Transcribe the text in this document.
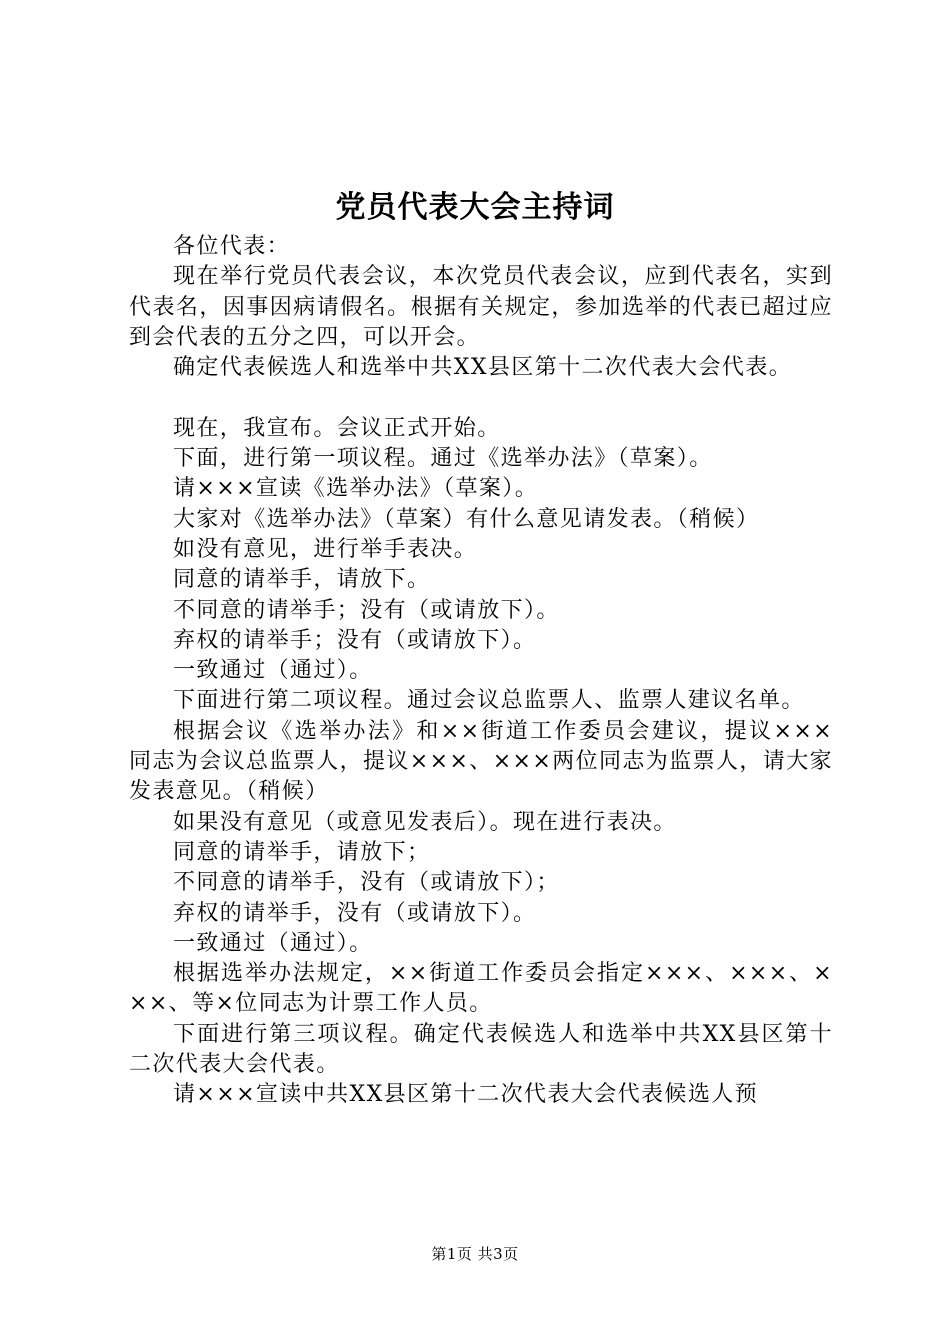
党员代表大会主持词

各位代表：

现在举行党员代表会议，本次党员代表会议，应到代表名，实到代表名，因事因病请假名。根据有关规定，参加选举的代表已超过应到会代表的五分之四，可以开会。

确定代表候选人和选举中共XX县区第十二次代表大会代表。

现在，我宣布。会议正式开始。

下面，进行第一项议程。通过《选举办法》（草案）。

请×××宣读《选举办法》（草案）。

大家对《选举办法》（草案）有什么意见请发表。（稍候）

如没有意见，进行举手表决。

同意的请举手，请放下。

不同意的请举手；没有（或请放下）。

弃权的请举手；没有（或请放下）。

一致通过（通过）。

下面进行第二项议程。通过会议总监票人、监票人建议名单。

根据会议《选举办法》和××街道工作委员会建议，提议×××同志为会议总监票人，提议×××、×××两位同志为监票人，请大家发表意见。（稍候）

如果没有意见（或意见发表后）。现在进行表决。

同意的请举手，请放下；

不同意的请举手，没有（或请放下）；

弃权的请举手，没有（或请放下）。

一致通过（通过）。

根据选举办法规定，××街道工作委员会指定×××、×××、×××、等×位同志为计票工作人员。

下面进行第三项议程。确定代表候选人和选举中共XX县区第十二次代表大会代表。

请×××宣读中共XX县区第十二次代表大会代表候选人预

第1页 共3页
